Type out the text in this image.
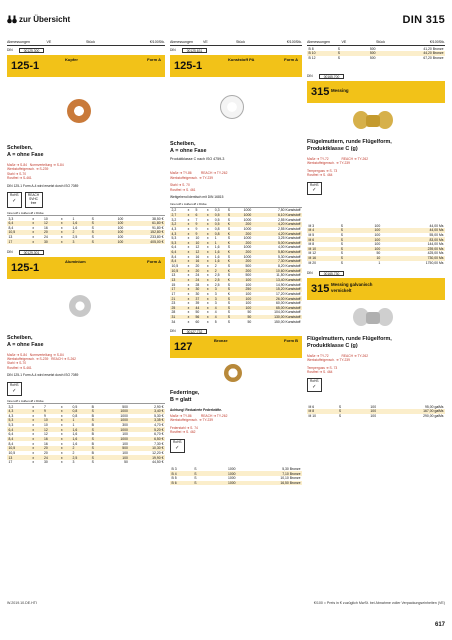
zur Übersicht	DIN 315
Abmessungen	VE	Stück	€/100Stk.
DIN	00125.300
125-1	Kupfer	Form A
Scheiben,
A = ohne Fase
Maße ➔ S-84 Normvertellung ➔ S-84
Werkstoffeigensch. ➔ S-239
Stahl ➔ S-70
Rostfrei ➔ S-461
DIN 125-1 Form A-4 wird ersetzt durch ISO 7089
RoHS
✓
REACH SVHC free
Innen-Ø x Außen-Ø x Dicke
3,3	x	10	x	1	S	100	38,50 €
6,4	x	12	x	1,6	S	100	61,80 €
8,4	x	16	x	1,6	S	100	91,80 €
10,5	x	20	x	2	S	100	152,80 €
13	x	24	x	2,5	S	100	233,80 €
17	x	30	x	3	S	100	405,00 €
DIN	00129.301
125-1	Aluminium	Form A
Scheiben,
A = ohne Fase
Maße ➔ S-84 Normvertellung ➔ S-84
Werkstoffeigensch. ➔ S-239 REACH ➔ S-262
Stahl ➔ S-70
Rostfrei ➔ S-461
DIN 125-1 Form A-4 wird ersetzt durch ISO 7089
RoHS
✓
Innen-Ø x Außen-Ø x Dicke
3,2	x	7	x	0,5	B	500	2,90 €
4,3	x	9	x	0,8	S	1000	3,40 €
4,3	x	9	x	0,8	B	1000	5,30 €
5,3	x	10	x	1	S	1000	3,35 €
5,3	x	10	x	1	B	300	4,70 €
6,4	x	12	x	1,6	S	1000	5,20 €
6,4	x	12	x	1,6	B	100	6,70 €
8,4	x	16	x	1,6	S	1000	6,50 €
8,4	x	16	x	1,6	B	100	7,30 €
10,5	x	20	x	2	S	500	10,30 €
10,5	x	20	x	2	B	100	12,20 €
13	x	24	x	2,5	S	100	19,90 €
17	x	30	x	3	S	50	44,50 €
Abmessungen	VE	Stück	€/100Stk.
DIN	00125.631
125-1	Kunststoff PA	Form A
Scheiben,
A = ohne Fase
Produktklasse C nach ISO 4759-3
Maße ➔ TY-86	REACH ➔ TY-262
Werkstoffeigensch. ➔ TY-239
Stahl ➔ S. 70
Rostfrei ➔ S. 461
Weitgehend identisch mit DIN 16815
Innen-Ø x Außen-Ø x Dicke
2,2	x	5	x	0,3	S	1000	7,50 Kunststoff
2,7	x	6	x	0,5	S	1000	6,10 Kunststoff
3,2	x	7	x	0,5	S	1000	2,55 Kunststoff
3,2	x	9	x	0,5	K	200	4,20 Kunststoff
4,3	x	9	x	0,8	S	1000	2,55 Kunststoff
4,3	x	9	x	0,8	K	200	4,20 Kunststoff
5,3	x	10	x	1	S	1000	3,25 Kunststoff
5,3	x	10	x	1	K	200	5,00 Kunststoff
6,4	x	12	x	1,6	S	1000	4,00 Kunststoff
6,4	x	12	x	1,6	K	200	5,80 Kunststoff
8,4	x	16	x	1,6	S	1000	5,30 Kunststoff
8,4	x	16	x	1,6	K	200	7,30 Kunststoff
10,5	x	20	x	2	S	500	8,20 Kunststoff
10,5	x	20	x	2	K	200	10,60 Kunststoff
13	x	24	x	2,5	S	500	11,50 Kunststoff
13	x	24	x	2,5	K	100	13,40 Kunststoff
15	x	28	x	2,5	S	100	14,90 Kunststoff
17	x	30	x	3	S	250	15,20 Kunststoff
17	x	30	x	3	K	100	17,20 Kunststoff
21	x	37	x	3	S	100	26,00 Kunststoff
23	x	39	x	3	S	100	60,00 Kunststoff
25	x	44	x	4	S	100	65,00 Kunststoff
28	x	50	x	4	S	50	104,00 Kunststoff
31	x	56	x	4	S	50	130,00 Kunststoff
34	x	60	x	5	S	50	150,00 Kunststoff
DIN	00127.732
127	Bronze	Form B
Federringe,
B = glatt
Achtung! Reduzierte Federkräfte.
Maße ➔ TY-86	REACH ➔ TY-262
Werkstoffeigensch. ➔ TY-239
Federstahl ➔ S. 74
Rostfrei ➔ S. 462
RoHS
✓
B 3	S	1000	5,30 Bronze
B 4	S	1000	7,10 Bronze
B 5	S	1000	10,10 Bronze
B 6	S	1000	16,50 Bronze
Abmessungen	VE	Stück	€/100Stk.
B 8	S	500	41,20 Bronze
B 10	S	500	44,20 Bronze
B 12	S	500	67,20 Bronze
DIN	00165.700
315 Messing
Flügelmuttern, runde Flügelform,
Produktklasse C (g)
Maße ➔ TY-72	REACH ➔ TY-262
Werkstoffeigensch. ➔ TY-239
Temperguss ➔ S. 73
Rostfrei ➔ S. 464
RoHS
✓
M 3	S	100	44,00 Ms
M 4	S	100	44,00 Ms
M 5	S	100	55,00 Ms
M 6	S	100	83,00 Ms
M 8	S	100	144,00 Ms
M 10	S	100	239,00 Ms
M 12	S	50	425,00 Ms
M 16	S	10	730,00 Ms
M 20	S	1	1750,00 Ms
DIN	00165.730
315 Messing galvanisch vernickelt
Flügelmuttern, runde Flügelform,
Produktklasse C (g)
Maße ➔ TY-72	REACH ➔ TY-262
Werkstoffeigensch. ➔ TY-239
Temperguss ➔ S. 73
Rostfrei ➔ S. 464
RoHS
✓
M 6	S	100	95,00 galMs
M 8	S	100	167,00 galMs
M 10	S	100	290,00 galMs
W.2019.10.DE.HTI	€/100 = Preis in € zuzüglich MwSt. bei Abnahme voller Verpackungseinheiten (VE)
617
